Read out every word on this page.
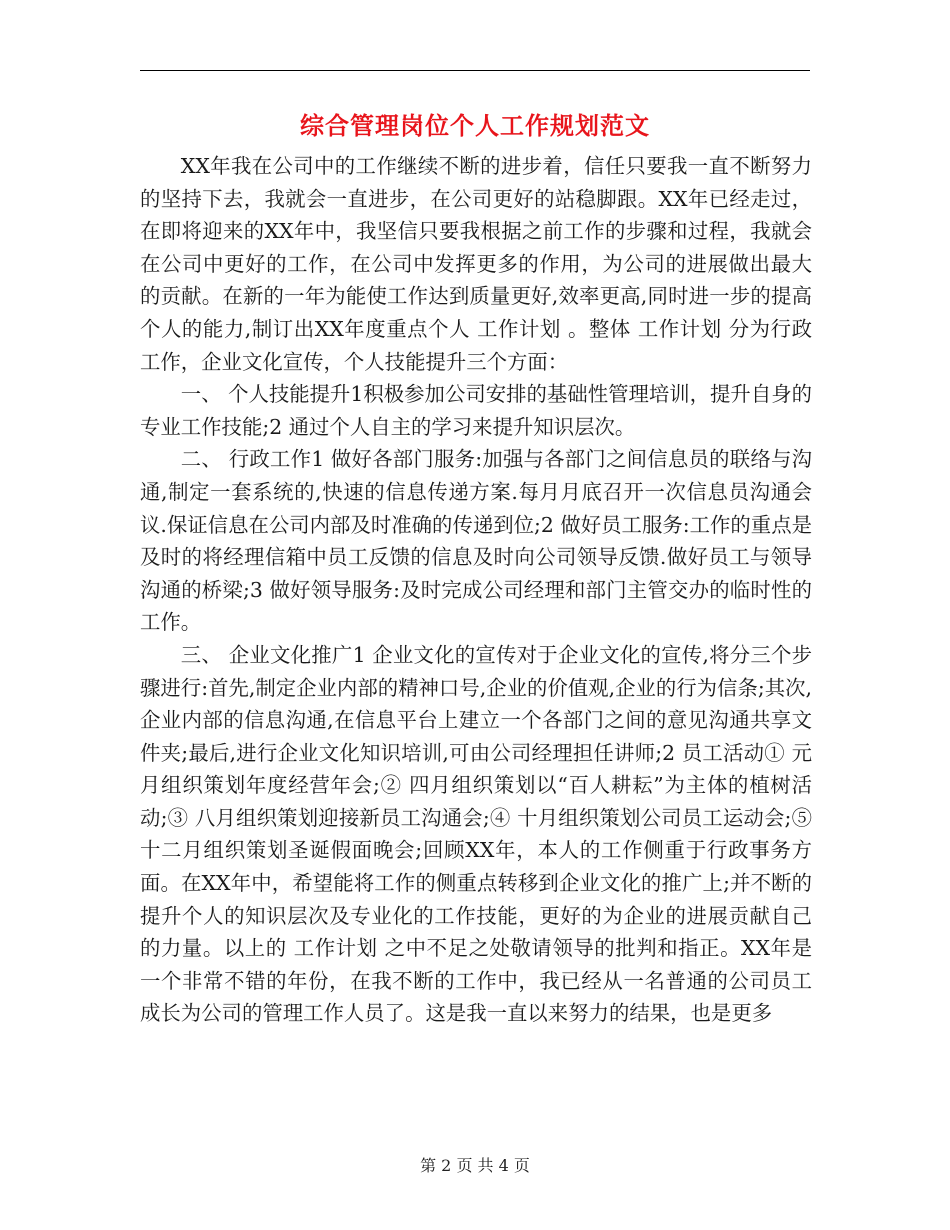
综合管理岗位个人工作规划范文

XX年我在公司中的工作继续不断的进步着，信任只要我一直不断努力的坚持下去，我就会一直进步，在公司更好的站稳脚跟。XX年已经走过，在即将迎来的XX年中，我坚信只要我根据之前工作的步骤和过程，我就会在公司中更好的工作，在公司中发挥更多的作用，为公司的进展做出最大的贡献。在新的一年为能使工作达到质量更好,效率更高,同时进一步的提高个人的能力,制订出XX年度重点个人 工作计划 。整体 工作计划 分为行政工作，企业文化宣传，个人技能提升三个方面：

一、 个人技能提升1积极参加公司安排的基础性管理培训，提升自身的专业工作技能;2 通过个人自主的学习来提升知识层次。

二、 行政工作1 做好各部门服务:加强与各部门之间信息员的联络与沟通,制定一套系统的,快速的信息传递方案.每月月底召开一次信息员沟通会议.保证信息在公司内部及时准确的传递到位;2 做好员工服务:工作的重点是及时的将经理信箱中员工反馈的信息及时向公司领导反馈.做好员工与领导沟通的桥梁;3 做好领导服务:及时完成公司经理和部门主管交办的临时性的工作。

三、 企业文化推广1 企业文化的宣传对于企业文化的宣传,将分三个步骤进行:首先,制定企业内部的精神口号,企业的价值观,企业的行为信条;其次,企业内部的信息沟通,在信息平台上建立一个各部门之间的意见沟通共享文件夹;最后,进行企业文化知识培训,可由公司经理担任讲师;2 员工活动① 元月组织策划年度经营年会;② 四月组织策划以“百人耕耘”为主体的植树活动;③ 八月组织策划迎接新员工沟通会;④ 十月组织策划公司员工运动会;⑤ 十二月组织策划圣诞假面晚会;回顾XX年，本人的工作侧重于行政事务方面。在XX年中，希望能将工作的侧重点转移到企业文化的推广上;并不断的提升个人的知识层次及专业化的工作技能，更好的为企业的进展贡献自己的力量。以上的 工作计划 之中不足之处敬请领导的批判和指正。XX年是一个非常不错的年份，在我不断的工作中，我已经从一名普通的公司员工成长为公司的管理工作人员了。这是我一直以来努力的结果，也是更多

第 2 页 共 4 页
